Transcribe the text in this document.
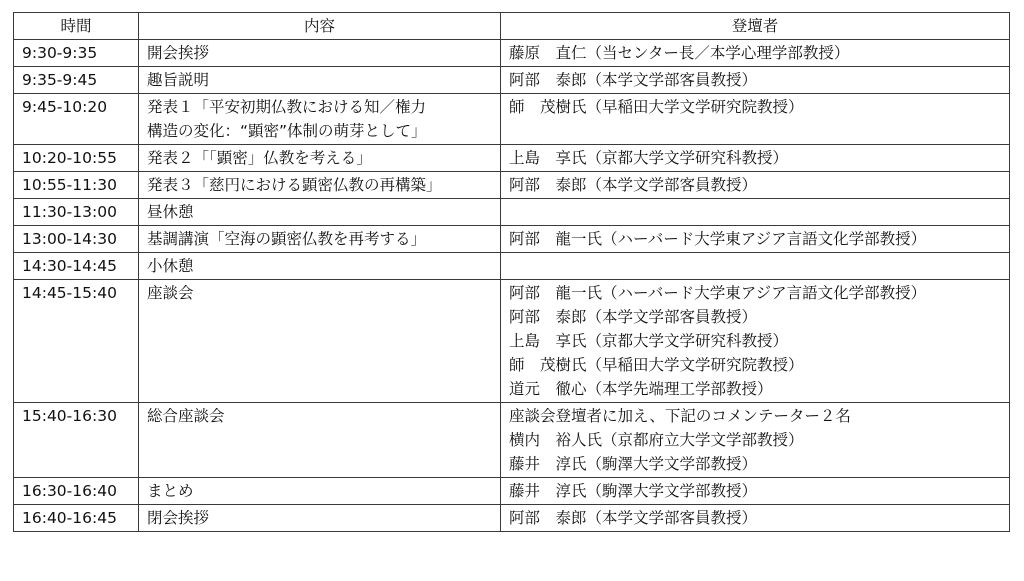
時間	内容	登壇者
9:30-9:35	開会挨拶	藤原　直仁（当センター長／本学心理学部教授）

9:35-9:45	趣旨説明	阿部　泰郎（本学文学部客員教授）

9:45-10:20	発表１「平安初期仏教における知／権力
構造の変化：“顕密”体制の萌芽として」	師　茂樹氏（早稲田大学文学研究院教授）

10:20-10:55	発表２「「顕密」仏教を考える」	上島　享氏（京都大学文学研究科教授）

10:55-11:30	発表３「慈円における顕密仏教の再構築」	阿部　泰郎（本学文学部客員教授）

11:30-13:00	昼休憩	

13:00-14:30	基調講演「空海の顕密仏教を再考する」	阿部　龍一氏（ハーバード大学東アジア言語文化学部教授）

14:30-14:45	小休憩	

14:45-15:40	座談会	阿部　龍一氏（ハーバード大学東アジア言語文化学部教授）
阿部　泰郎（本学文学部客員教授）
上島　享氏（京都大学文学研究科教授）
師　茂樹氏（早稲田大学文学研究院教授）
道元　徹心（本学先端理工学部教授）

15:40-16:30	総合座談会	座談会登壇者に加え、下記のコメンテーター２名
横内　裕人氏（京都府立大学文学部教授）
藤井　淳氏（駒澤大学文学部教授）

16:30-16:40	まとめ	藤井　淳氏（駒澤大学文学部教授）

16:40-16:45	閉会挨拶	阿部　泰郎（本学文学部客員教授）
